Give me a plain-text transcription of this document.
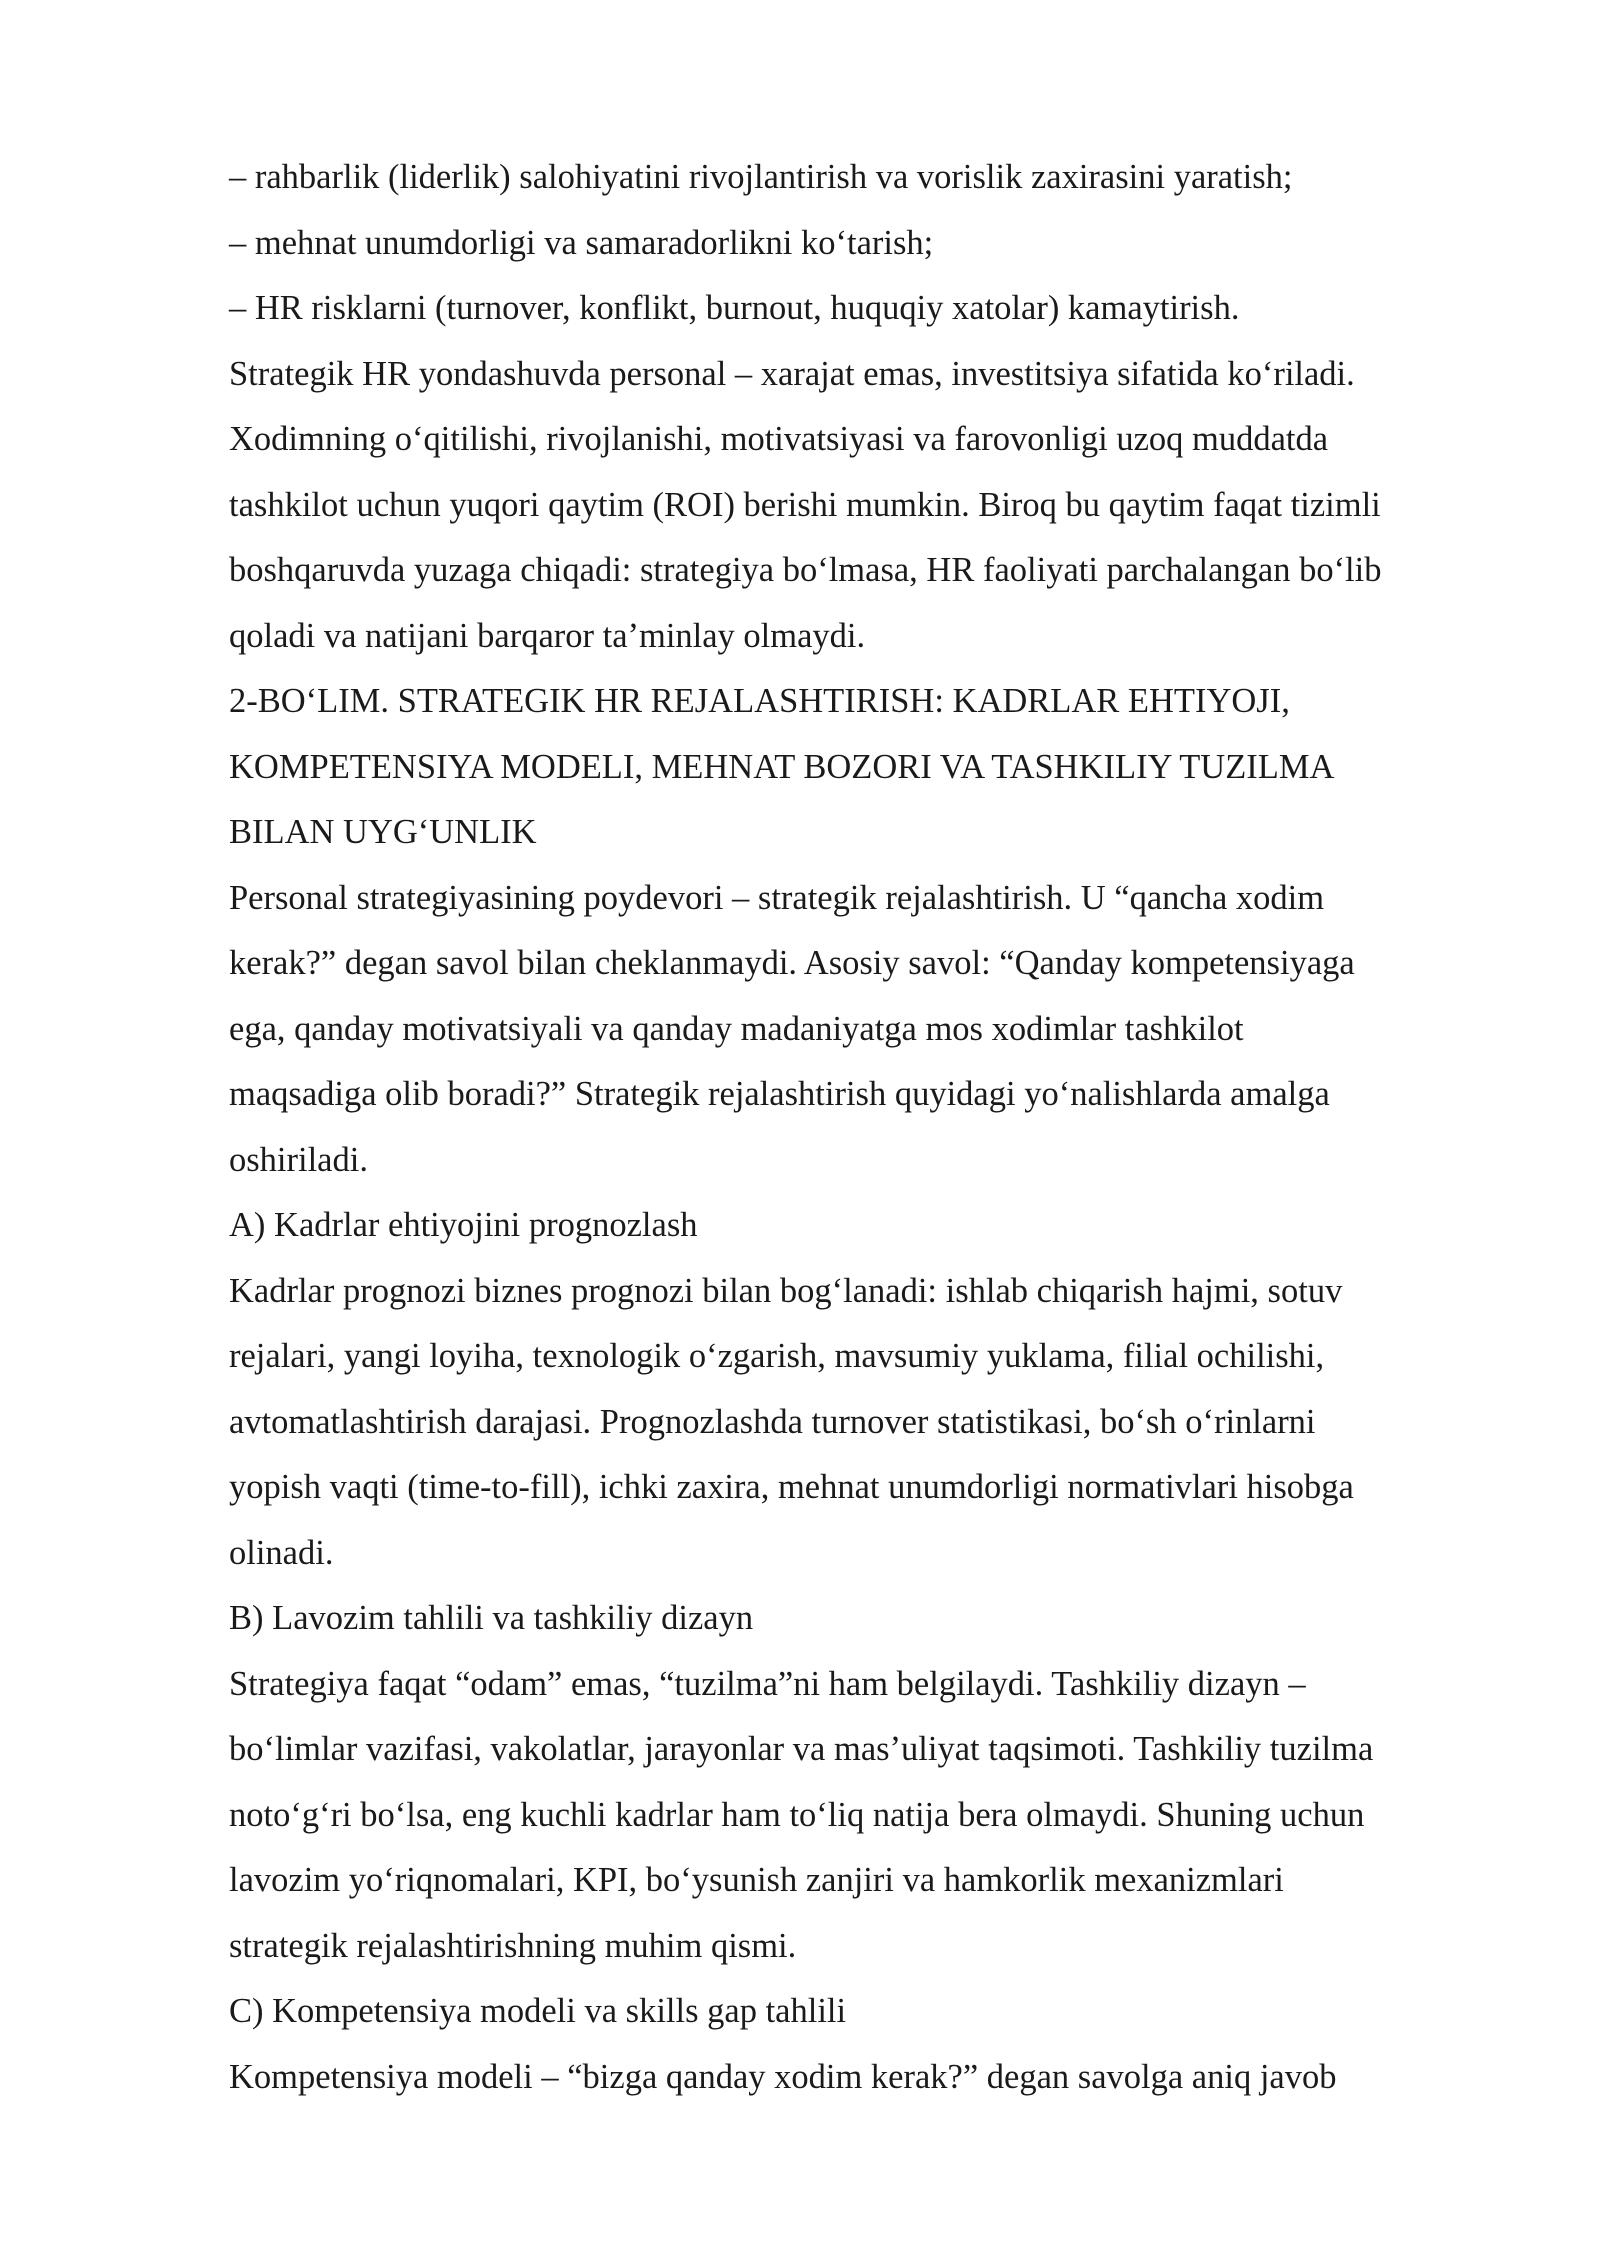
– rahbarlik (liderlik) salohiyatini rivojlantirish va vorislik zaxirasini yaratish;

– mehnat unumdorligi va samaradorlikni koʻtarish;

– HR risklarni (turnover, konflikt, burnout, huquqiy xatolar) kamaytirish.

Strategik HR yondashuvda personal – xarajat emas, investitsiya sifatida koʻriladi.

Xodimning oʻqitilishi, rivojlanishi, motivatsiyasi va farovonligi uzoq muddatda

tashkilot uchun yuqori qaytim (ROI) berishi mumkin. Biroq bu qaytim faqat tizimli

boshqaruvda yuzaga chiqadi: strategiya boʻlmasa, HR faoliyati parchalangan boʻlib

qoladi va natijani barqaror taʼminlay olmaydi.

2-BOʻLIM. STRATEGIK HR REJALASHTIRISH: KADRLAR EHTIYOJI,

KOMPETENSIYA MODELI, MEHNAT BOZORI VA TASHKILIY TUZILMA

BILAN UYGʻUNLIK

Personal strategiyasining poydevori – strategik rejalashtirish. U “qancha xodim

kerak?” degan savol bilan cheklanmaydi. Asosiy savol: “Qanday kompetensiyaga

ega, qanday motivatsiyali va qanday madaniyatga mos xodimlar tashkilot

maqsadiga olib boradi?” Strategik rejalashtirish quyidagi yoʻnalishlarda amalga

oshiriladi.

A) Kadrlar ehtiyojini prognozlash

Kadrlar prognozi biznes prognozi bilan bogʻlanadi: ishlab chiqarish hajmi, sotuv

rejalari, yangi loyiha, texnologik oʻzgarish, mavsumiy yuklama, filial ochilishi,

avtomatlashtirish darajasi. Prognozlashda turnover statistikasi, boʻsh oʻrinlarni

yopish vaqti (time-to-fill), ichki zaxira, mehnat unumdorligi normativlari hisobga

olinadi.

B) Lavozim tahlili va tashkiliy dizayn

Strategiya faqat “odam” emas, “tuzilma”ni ham belgilaydi. Tashkiliy dizayn –

boʻlimlar vazifasi, vakolatlar, jarayonlar va masʼuliyat taqsimoti. Tashkiliy tuzilma

notoʻgʻri boʻlsa, eng kuchli kadrlar ham toʻliq natija bera olmaydi. Shuning uchun

lavozim yoʻriqnomalari, KPI, boʻysunish zanjiri va hamkorlik mexanizmlari

strategik rejalashtirishning muhim qismi.

C) Kompetensiya modeli va skills gap tahlili

Kompetensiya modeli – “bizga qanday xodim kerak?” degan savolga aniq javob
